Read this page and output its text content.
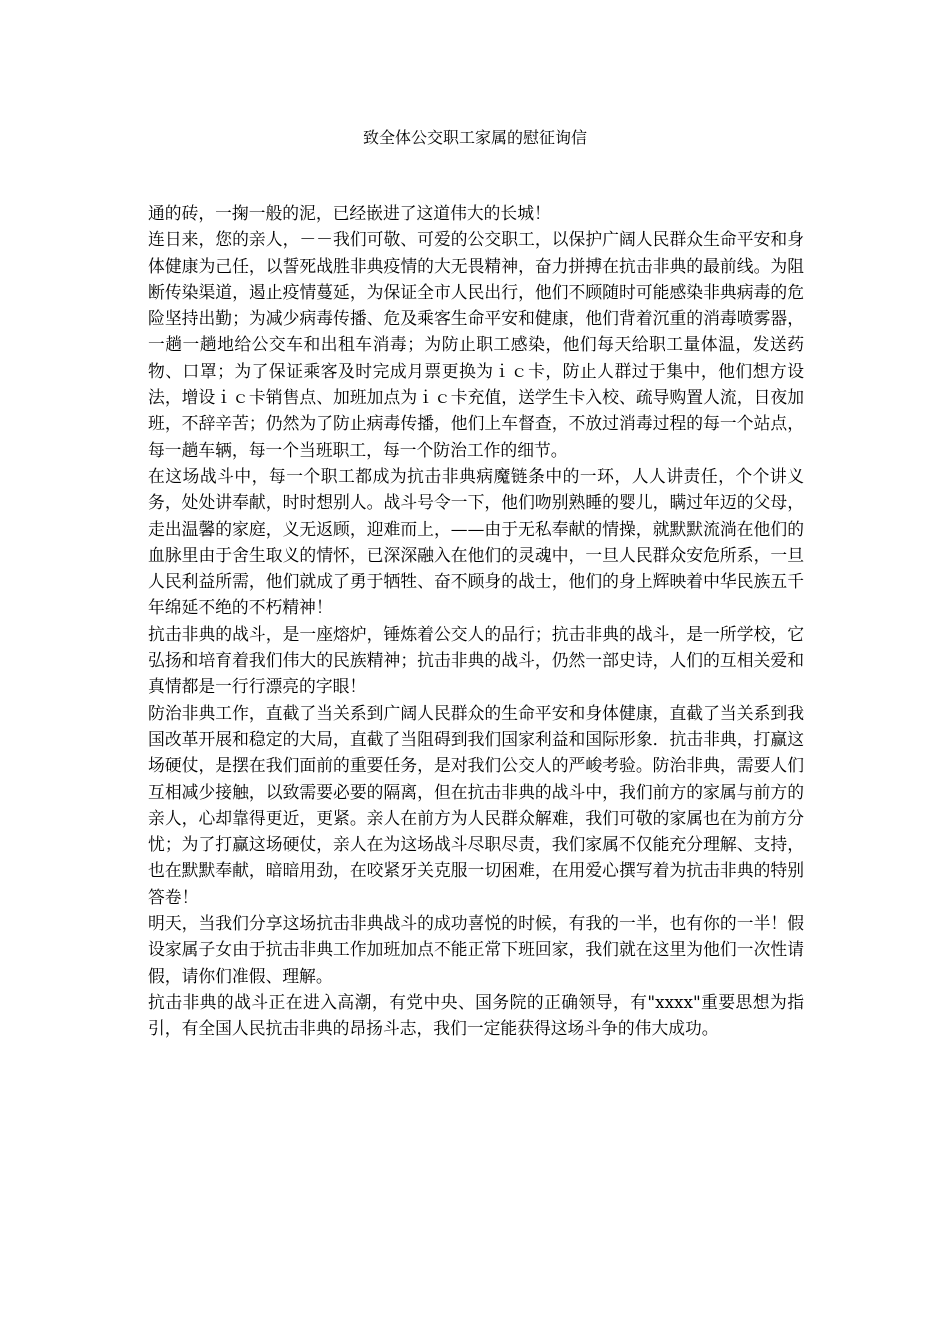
致全体公交职工家属的慰征询信

通的砖，一掬一般的泥，已经嵌进了这道伟大的长城！

连日来，您的亲人，－－我们可敬、可爱的公交职工，以保护广阔人民群众生命平安和身体健康为己任，以誓死战胜非典疫情的大无畏精神，奋力拼搏在抗击非典的最前线。为阻断传染渠道，遏止疫情蔓延，为保证全市人民出行，他们不顾随时可能感染非典病毒的危险坚持出勤；为减少病毒传播、危及乘客生命平安和健康，他们背着沉重的消毒喷雾器，一趟一趟地给公交车和出租车消毒；为防止职工感染，他们每天给职工量体温，发送药物、口罩；为了保证乘客及时完成月票更换为ｉｃ卡，防止人群过于集中，他们想方设法，增设ｉｃ卡销售点、加班加点为ｉｃ卡充值，送学生卡入校、疏导购置人流，日夜加班，不辞辛苦；仍然为了防止病毒传播，他们上车督查，不放过消毒过程的每一个站点，每一趟车辆，每一个当班职工，每一个防治工作的细节。

在这场战斗中，每一个职工都成为抗击非典病魔链条中的一环，人人讲责任，个个讲义务，处处讲奉献，时时想别人。战斗号令一下，他们吻别熟睡的婴儿，瞒过年迈的父母，走出温馨的家庭，义无返顾，迎难而上，——由于无私奉献的情操，就默默流淌在他们的血脉里由于舍生取义的情怀，已深深融入在他们的灵魂中，一旦人民群众安危所系，一旦人民利益所需，他们就成了勇于牺牲、奋不顾身的战士，他们的身上辉映着中华民族五千年绵延不绝的不朽精神！

抗击非典的战斗，是一座熔炉，锤炼着公交人的品行；抗击非典的战斗，是一所学校，它弘扬和培育着我们伟大的民族精神；抗击非典的战斗，仍然一部史诗，人们的互相关爱和真情都是一行行漂亮的字眼！

防治非典工作，直截了当关系到广阔人民群众的生命平安和身体健康，直截了当关系到我国改革开展和稳定的大局，直截了当阻碍到我们国家利益和国际形象．抗击非典，打赢这场硬仗，是摆在我们面前的重要任务，是对我们公交人的严峻考验。防治非典，需要人们互相减少接触，以致需要必要的隔离，但在抗击非典的战斗中，我们前方的家属与前方的亲人，心却靠得更近，更紧。亲人在前方为人民群众解难，我们可敬的家属也在为前方分忧；为了打赢这场硬仗，亲人在为这场战斗尽职尽责，我们家属不仅能充分理解、支持，也在默默奉献，暗暗用劲，在咬紧牙关克服一切困难，在用爱心撰写着为抗击非典的特别答卷！

明天，当我们分享这场抗击非典战斗的成功喜悦的时候，有我的一半，也有你的一半！假设家属子女由于抗击非典工作加班加点不能正常下班回家，我们就在这里为他们一次性请假，请你们准假、理解。

抗击非典的战斗正在进入高潮，有党中央、国务院的正确领导，有"xxxx"重要思想为指引，有全国人民抗击非典的昂扬斗志，我们一定能获得这场斗争的伟大成功。
